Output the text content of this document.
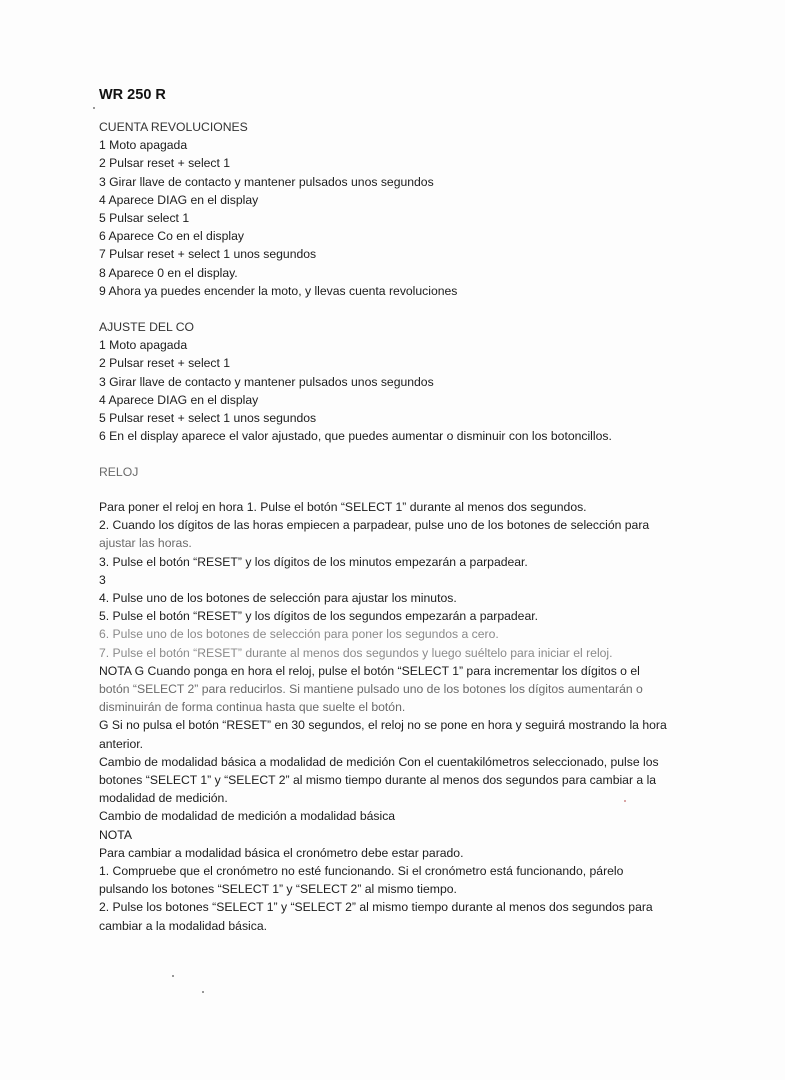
WR 250 R
CUENTA REVOLUCIONES
1 Moto apagada
2 Pulsar reset + select 1
3 Girar llave de contacto y mantener pulsados unos segundos
4 Aparece DIAG en el display
5 Pulsar select 1
6 Aparece Co en el display
7 Pulsar reset + select 1 unos segundos
8 Aparece 0 en el display.
9 Ahora ya puedes encender la moto, y llevas cuenta revoluciones
AJUSTE DEL CO
1 Moto apagada
2 Pulsar reset + select 1
3 Girar llave de contacto y mantener pulsados unos segundos
4 Aparece DIAG en el display
5 Pulsar reset + select 1 unos segundos
6 En el display aparece el valor ajustado, que puedes aumentar o disminuir con los botoncillos.
RELOJ
Para poner el reloj en hora 1. Pulse el botón “SELECT 1” durante al menos dos segundos.
2. Cuando los dígitos de las horas empiecen a parpadear, pulse uno de los botones de selección para
ajustar las horas.
3. Pulse el botón “RESET” y los dígitos de los minutos empezarán a parpadear.
3
4. Pulse uno de los botones de selección para ajustar los minutos.
5. Pulse el botón “RESET” y los dígitos de los segundos empezarán a parpadear.
6. Pulse uno de los botones de selección para poner los segundos a cero.
7. Pulse el botón “RESET” durante al menos dos segundos y luego suéltelo para iniciar el reloj.
NOTA G Cuando ponga en hora el reloj, pulse el botón “SELECT 1” para incrementar los dígitos o el
botón “SELECT 2” para reducirlos. Si mantiene pulsado uno de los botones los dígitos aumentarán o
disminuirán de forma continua hasta que suelte el botón.
G Si no pulsa el botón “RESET” en 30 segundos, el reloj no se pone en hora y seguirá mostrando la hora
anterior.
Cambio de modalidad básica a modalidad de medición Con el cuentakilómetros seleccionado, pulse los
botones “SELECT 1” y “SELECT 2” al mismo tiempo durante al menos dos segundos para cambiar a la
modalidad de medición.
Cambio de modalidad de medición a modalidad básica
NOTA
Para cambiar a modalidad básica el cronómetro debe estar parado.
1. Compruebe que el cronómetro no esté funcionando. Si el cronómetro está funcionando, párelo
pulsando los botones “SELECT 1” y “SELECT 2” al mismo tiempo.
2. Pulse los botones “SELECT 1” y “SELECT 2” al mismo tiempo durante al menos dos segundos para
cambiar a la modalidad básica.
